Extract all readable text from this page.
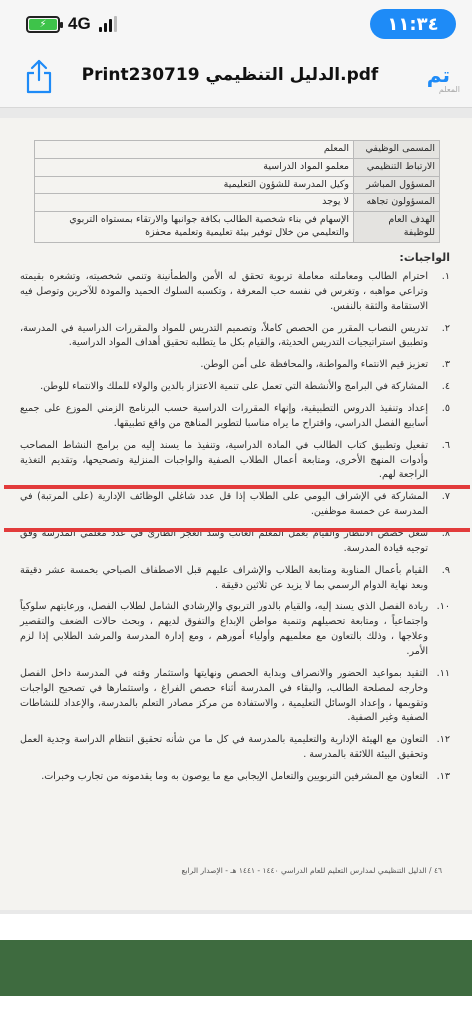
⚡	4G	١١:٣٤
Print230719 الدليل التنظيمي.pdf	تم
المعلم
المسمى الوظيفي	المعلم
الارتباط التنظيمي	معلمو المواد الدراسية
المسؤول المباشر	وكيل المدرسة للشؤون التعليمية
المسؤولون تجاهه	لا يوجد
الهدف العام للوظيفة	الإسهام في بناء شخصية الطالب بكافة جوانبها والارتقاء بمستواه التربوي والتعليمي من خلال توفير بيئة تعليمية وتعلمية محفزة
الواجبات:
١.
احترام الطالب ومعاملته معاملة تربوية تحقق له الأمن والطمأنينة وتنمي شخصيته، وتشعره بقيمته وتراعي مواهبه ، وتغرس في نفسه حب المعرفة ، وتكسبه السلوك الحميد والمودة للآخرين وتوصل فيه الاستقامة والثقة بالنفس.
٢.
تدريس النصاب المقرر من الحصص كاملاً، وتصميم التدريس للمواد والمقررات الدراسية في المدرسة، وتطبيق استراتيجيات التدريس الحديثة، والقيام بكل ما يتطلبه تحقيق أهداف المواد الدراسية.
٣.
تعزيز قيم الانتماء والمواطنة، والمحافظة على أمن الوطن.
٤.
المشاركة في البرامج والأنشطة التي تعمل على تنمية الاعتزاز بالدين والولاء للملك والانتماء للوطن.
٥.
إعداد وتنفيذ الدروس التطبيقية، وإنهاء المقررات الدراسية حسب البرنامج الزمني الموزع على جميع أسابيع الفصل الدراسي، واقتراح ما يراه مناسبا لتطوير المناهج من واقع تطبيقها.
٦.
تفعيل وتطبيق كتاب الطالب في المادة الدراسية، وتنفيذ ما يسند إليه من برامج النشاط المصاحب وأدوات المنهج الأخرى، ومتابعة أعمال الطلاب الصفية والواجبات المنزلية وتصحيحها، وتقديم التغذية الراجعة لهم.
٧.
المشاركة في الإشراف اليومي على الطلاب إذا قل عدد شاغلي الوظائف الإدارية (على المرتبة) في المدرسة عن خمسة موظفين.
٨.
شغل حصص الانتظار والقيام بعمل المعلم الغائب وسد العجز الطارئ في عدد معلمي المدرسة وفق توجيه قيادة المدرسة.
٩.
القيام بأعمال المناوبة ومتابعة الطلاب والإشراف عليهم قبل الاصطفاف الصباحي بخمسة عشر دقيقة وبعد نهاية الدوام الرسمي بما لا يزيد عن ثلاثين دقيقة .
١٠.
ريادة الفصل الذي يسند إليه، والقيام بالدور التربوي والإرشادي الشامل لطلاب الفصل، ورعايتهم سلوكياً واجتماعياً ، ومتابعة تحصيلهم وتنمية مواطن الإبداع والتفوق لديهم ، وبحث حالات الضعف والتقصير وعلاجها ، وذلك بالتعاون مع معلميهم وأولياء أمورهم ، ومع إدارة المدرسة والمرشد الطلابي إذا لزم الأمر.
١١.
التقيد بمواعيد الحضور والانصراف وبداية الحصص ونهايتها واستثمار وقته في المدرسة داخل الفصل وخارجه لمصلحة الطالب، والبقاء في المدرسة أثناء حصص الفراغ ، واستثمارها في تصحيح الواجبات وتقويمها ، وإعداد الوسائل التعليمية ، والاستفادة من مركز مصادر التعلم بالمدرسة، والإعداد للنشاطات الصفية وغير الصفية.
١٢.
التعاون مع الهيئة الإدارية والتعليمية بالمدرسة في كل ما من شأنه تحقيق انتظام الدراسة وجدية العمل وتحقيق البيئة اللائقة بالمدرسة .
١٣.
التعاون مع المشرفين التربويين والتعامل الإيجابي مع ما يوصون به وما يقدمونه من تجارب وخبرات.
٤٦ / الدليل التنظيمي لمدارس التعليم للعام الدراسي ١٤٤٠ - ١٤٤١ هـ - الإصدار الرابع
